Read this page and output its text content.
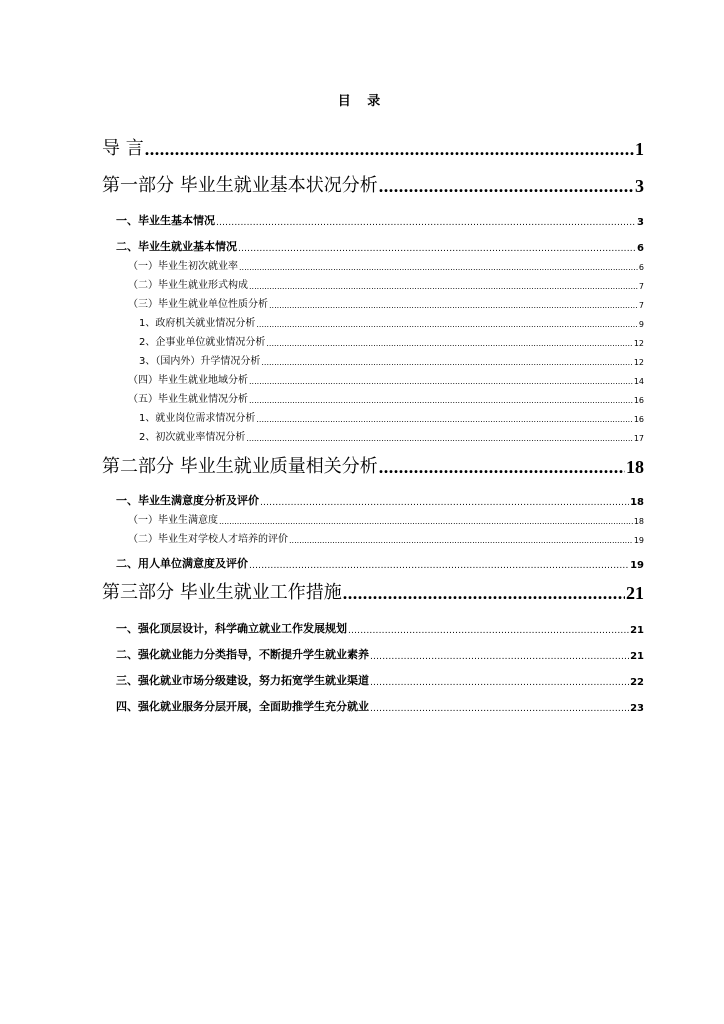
目 录
导 言 .....	1
第一部分 毕业生就业基本状况分析 .....	3
一、毕业生基本情况 .....	3
二、毕业生就业基本情况 .....	6
（一）毕业生初次就业率 .....	6
（二）毕业生就业形式构成 .....	7
（三）毕业生就业单位性质分析 .....	7
1、政府机关就业情况分析 .....	9
2、企事业单位就业情况分析 .....	12
3、（国内外）升学情况分析 .....	12
（四）毕业生就业地域分析 .....	14
（五）毕业生就业情况分析 .....	16
1、就业岗位需求情况分析 .....	16
2、初次就业率情况分析 .....	17
第二部分 毕业生就业质量相关分析 .....	18
一、毕业生满意度分析及评价 .....	18
（一）毕业生满意度 .....	18
（二）毕业生对学校人才培养的评价 .....	19
二、用人单位满意度及评价 .....	19
第三部分 毕业生就业工作措施 .....	21
一、强化顶层设计，科学确立就业工作发展规划 .....	21
二、强化就业能力分类指导，不断提升学生就业素养 .....	21
三、强化就业市场分级建设，努力拓宽学生就业渠道 .....	22
四、强化就业服务分层开展，全面助推学生充分就业 .....	23
